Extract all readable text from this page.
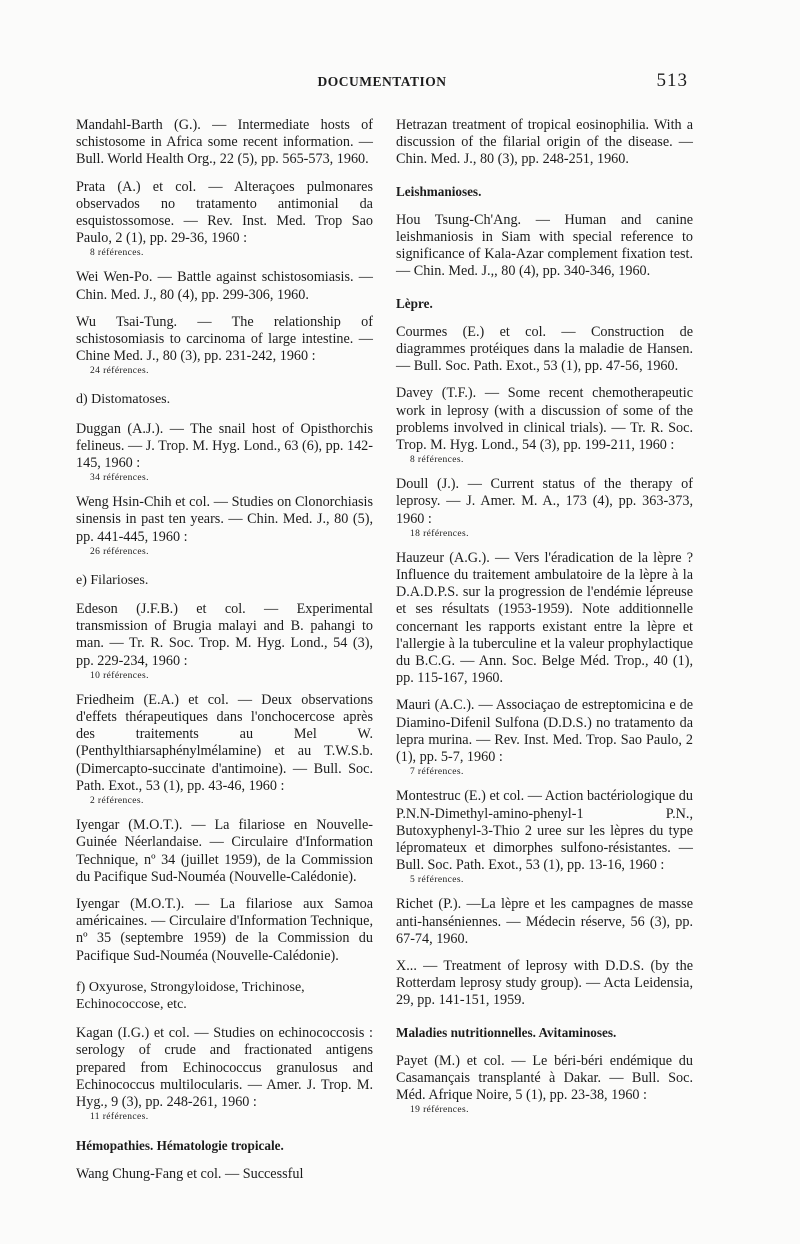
DOCUMENTATION	513
Mandahl-Barth (G.). — Intermediate hosts of schistosome in Africa some recent information. — Bull. World Health Org., 22 (5), pp. 565-573, 1960.
Prata (A.) et col. — Alteraçoes pulmonares observados no tratamento antimonial da esquistossomose. — Rev. Inst. Med. Trop Sao Paulo, 2 (1), pp. 29-36, 1960 :
8 références.
Wei Wen-Po. — Battle against schistosomiasis. — Chin. Med. J., 80 (4), pp. 299-306, 1960.
Wu Tsai-Tung. — The relationship of schistosomiasis to carcinoma of large intestine. — Chine Med. J., 80 (3), pp. 231-242, 1960 :
24 références.
d) Distomatoses.
Duggan (A.J.). — The snail host of Opisthorchis felineus. — J. Trop. M. Hyg. Lond., 63 (6), pp. 142-145, 1960 :
34 références.
Weng Hsin-Chih et col. — Studies on Clonorchiasis sinensis in past ten years. — Chin. Med. J., 80 (5), pp. 441-445, 1960 :
26 références.
e) Filarioses.
Edeson (J.F.B.) et col. — Experimental transmission of Brugia malayi and B. pahangi to man. — Tr. R. Soc. Trop. M. Hyg. Lond., 54 (3), pp. 229-234, 1960 :
10 références.
Friedheim (E.A.) et col. — Deux observations d'effets thérapeutiques dans l'onchocercose après des traitements au Mel W. (Penthylthiarsaphénylmélamine) et au T.W.S.b. (Dimercapto-succinate d'antimoine). — Bull. Soc. Path. Exot., 53 (1), pp. 43-46, 1960 :
2 références.
Iyengar (M.O.T.). — La filariose en Nouvelle-Guinée Néerlandaise. — Circulaire d'Information Technique, nº 34 (juillet 1959), de la Commission du Pacifique Sud-Nouméa (Nouvelle-Calédonie).
Iyengar (M.O.T.). — La filariose aux Samoa américaines. — Circulaire d'Information Technique, nº 35 (septembre 1959) de la Commission du Pacifique Sud-Nouméa (Nouvelle-Calédonie).
f) Oxyurose, Strongyloidose, Trichinose, Echinococcose, etc.
Kagan (I.G.) et col. — Studies on echinococcosis : serology of crude and fractionated antigens prepared from Echinococcus granulosus and Echinococcus multilocularis. — Amer. J. Trop. M. Hyg., 9 (3), pp. 248-261, 1960 :
11 références.
Hémopathies. Hématologie tropicale.
Wang Chung-Fang et col. — Successful
Hetrazan treatment of tropical eosinophilia. With a discussion of the filarial origin of the disease. — Chin. Med. J., 80 (3), pp. 248-251, 1960.
Leishmanioses.
Hou Tsung-Ch'Ang. — Human and canine leishmaniosis in Siam with special reference to significance of Kala-Azar complement fixation test. — Chin. Med. J.,, 80 (4), pp. 340-346, 1960.
Lèpre.
Courmes (E.) et col. — Construction de diagrammes protéiques dans la maladie de Hansen. — Bull. Soc. Path. Exot., 53 (1), pp. 47-56, 1960.
Davey (T.F.). — Some recent chemotherapeutic work in leprosy (with a discussion of some of the problems involved in clinical trials). — Tr. R. Soc. Trop. M. Hyg. Lond., 54 (3), pp. 199-211, 1960 :
8 références.
Doull (J.). — Current status of the therapy of leprosy. — J. Amer. M. A., 173 (4), pp. 363-373, 1960 :
18 références.
Hauzeur (A.G.). — Vers l'éradication de la lèpre ? Influence du traitement ambulatoire de la lèpre à la D.A.D.P.S. sur la progression de l'endémie lépreuse et ses résultats (1953-1959). Note additionnelle concernant les rapports existant entre la lèpre et l'allergie à la tuberculine et la valeur prophylactique du B.C.G. — Ann. Soc. Belge Méd. Trop., 40 (1), pp. 115-167, 1960.
Mauri (A.C.). — Associaçao de estreptomicina e de Diamino-Difenil Sulfona (D.D.S.) no tratamento da lepra murina. — Rev. Inst. Med. Trop. Sao Paulo, 2 (1), pp. 5-7, 1960 :
7 références.
Montestruc (E.) et col. — Action bactériologique du P.N.N-Dimethyl-amino-phenyl-1 P.N., Butoxyphenyl-3-Thio 2 uree sur les lèpres du type lépromateux et dimorphes sulfono-résistantes. — Bull. Soc. Path. Exot., 53 (1), pp. 13-16, 1960 :
5 références.
Richet (P.). —La lèpre et les campagnes de masse anti-hanséniennes. — Médecin réserve, 56 (3), pp. 67-74, 1960.
X... — Treatment of leprosy with D.D.S. (by the Rotterdam leprosy study group). — Acta Leidensia, 29, pp. 141-151, 1959.
Maladies nutritionnelles. Avitaminoses.
Payet (M.) et col. — Le béri-béri endémique du Casamançais transplanté à Dakar. — Bull. Soc. Méd. Afrique Noire, 5 (1), pp. 23-38, 1960 :
19 références.
